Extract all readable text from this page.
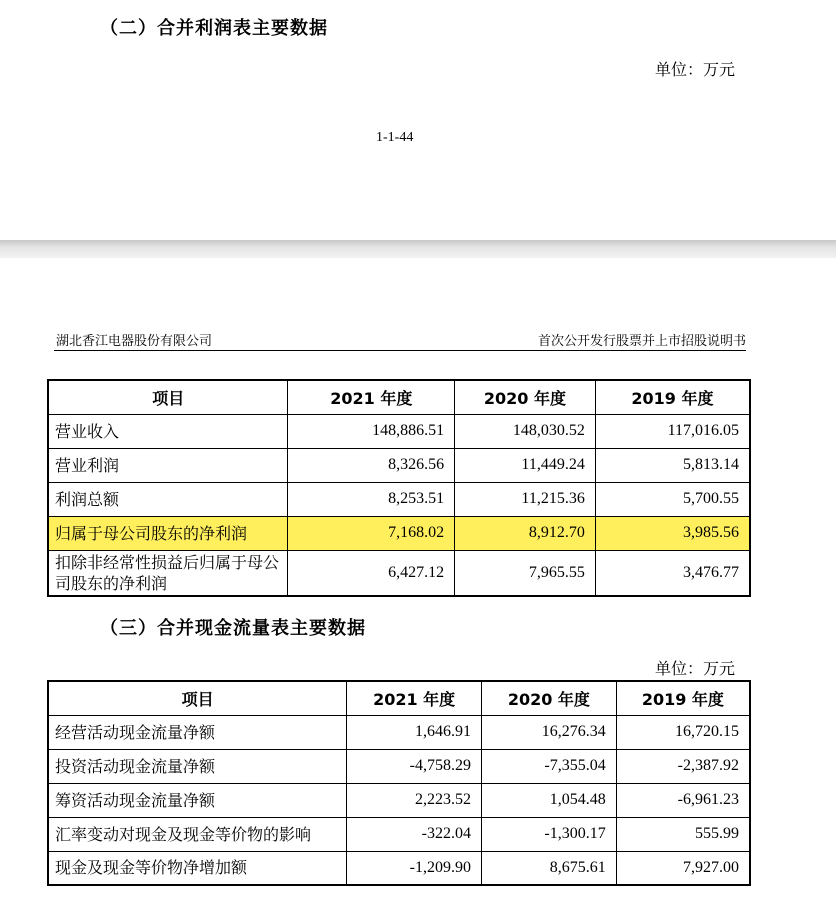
（二）合并利润表主要数据
单位：万元
1-1-44
湖北香江电器股份有限公司	首次公开发行股票并上市招股说明书
项目	2021 年度	2020 年度	2019 年度
营业收入	148,886.51	148,030.52	117,016.05
营业利润	8,326.56	11,449.24	5,813.14
利润总额	8,253.51	11,215.36	5,700.55
归属于母公司股东的净利润	7,168.02	8,912.70	3,985.56
扣除非经常性损益后归属于母公司股东的净利润	6,427.12	7,965.55	3,476.77
（三）合并现金流量表主要数据
单位：万元
项目	2021 年度	2020 年度	2019 年度
经营活动现金流量净额	1,646.91	16,276.34	16,720.15
投资活动现金流量净额	-4,758.29	-7,355.04	-2,387.92
筹资活动现金流量净额	2,223.52	1,054.48	-6,961.23
汇率变动对现金及现金等价物的影响	-322.04	-1,300.17	555.99
现金及现金等价物净增加额	-1,209.90	8,675.61	7,927.00
